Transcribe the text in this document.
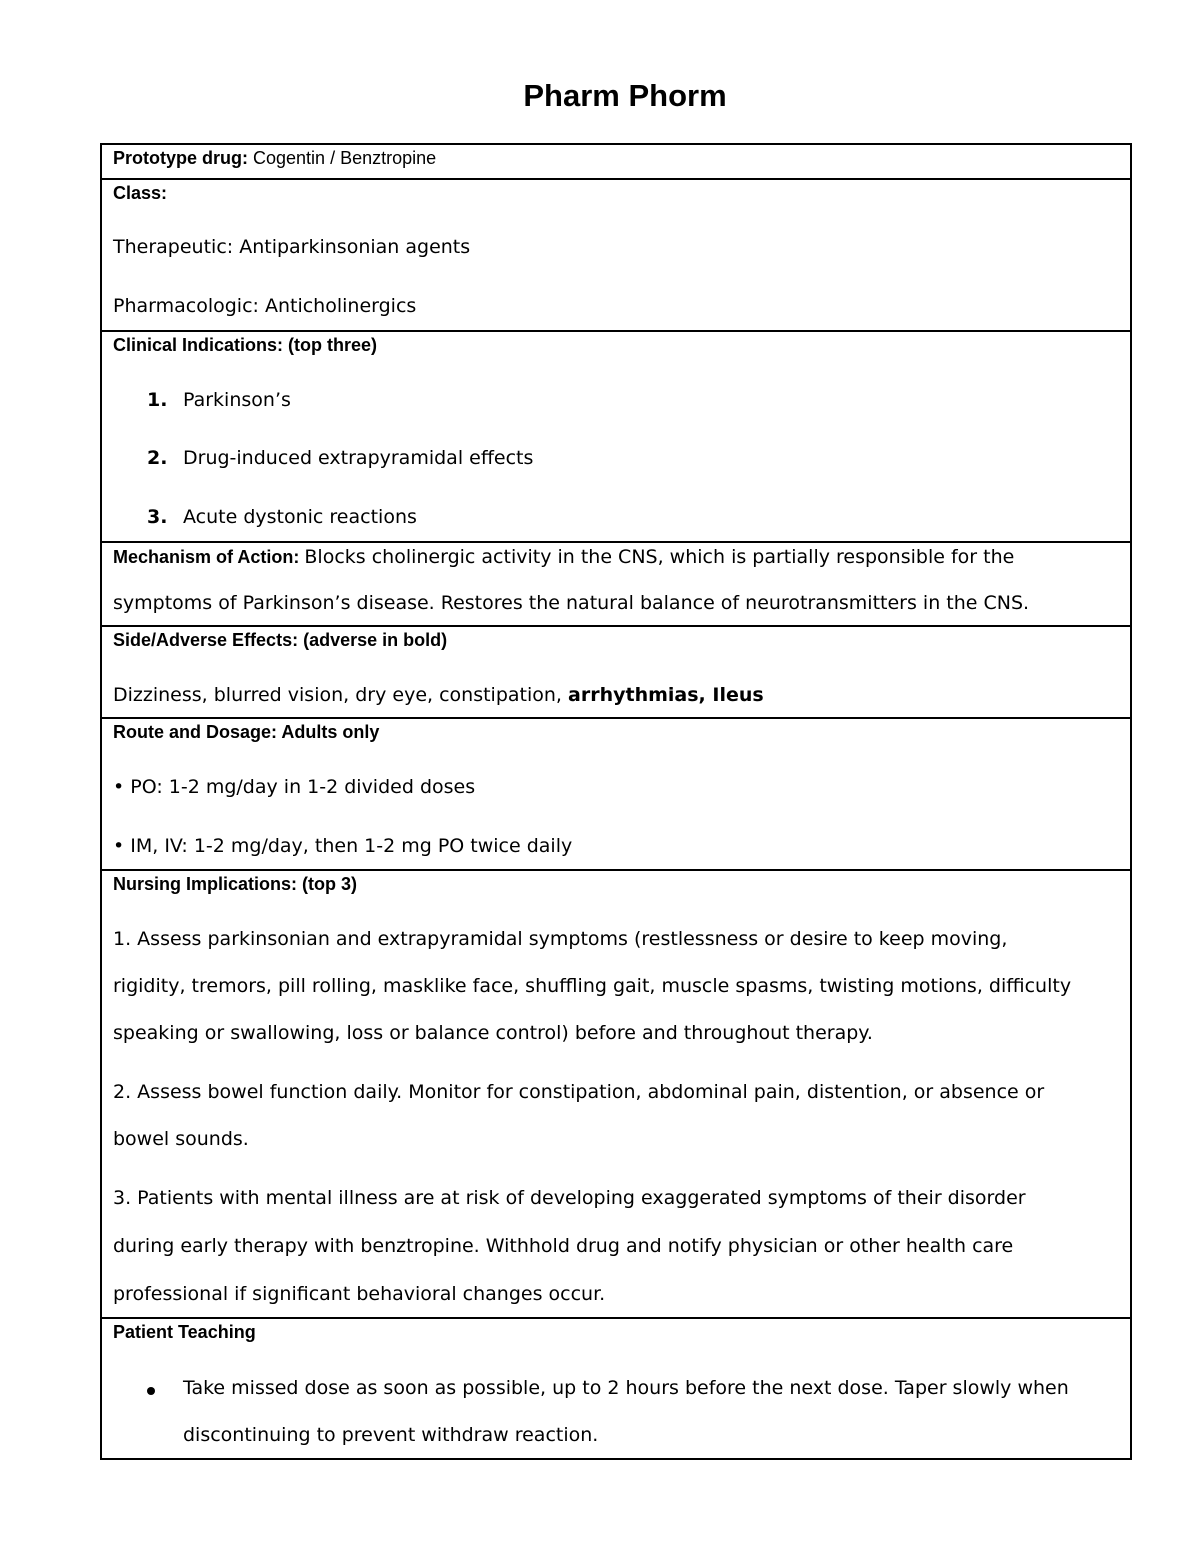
Pharm Phorm
Prototype drug: Cogentin / Benztropine
Class:
Therapeutic: Antiparkinsonian agents
Pharmacologic: Anticholinergics
Clinical Indications: (top three)
1. Parkinson’s
2. Drug-induced extrapyramidal effects
3. Acute dystonic reactions
Mechanism of Action: Blocks cholinergic activity in the CNS, which is partially responsible for the
symptoms of Parkinson’s disease. Restores the natural balance of neurotransmitters in the CNS.
Side/Adverse Effects: (adverse in bold)
Dizziness, blurred vision, dry eye, constipation, arrhythmias, Ileus
Route and Dosage: Adults only
• PO: 1-2 mg/day in 1-2 divided doses
• IM, IV: 1-2 mg/day, then 1-2 mg PO twice daily
Nursing Implications: (top 3)
1. Assess parkinsonian and extrapyramidal symptoms (restlessness or desire to keep moving,
rigidity, tremors, pill rolling, masklike face, shuffling gait, muscle spasms, twisting motions, difficulty
speaking or swallowing, loss or balance control) before and throughout therapy.
2. Assess bowel function daily. Monitor for constipation, abdominal pain, distention, or absence or
bowel sounds.
3. Patients with mental illness are at risk of developing exaggerated symptoms of their disorder
during early therapy with benztropine. Withhold drug and notify physician or other health care
professional if significant behavioral changes occur.
Patient Teaching
Take missed dose as soon as possible, up to 2 hours before the next dose. Taper slowly when
discontinuing to prevent withdraw reaction.
